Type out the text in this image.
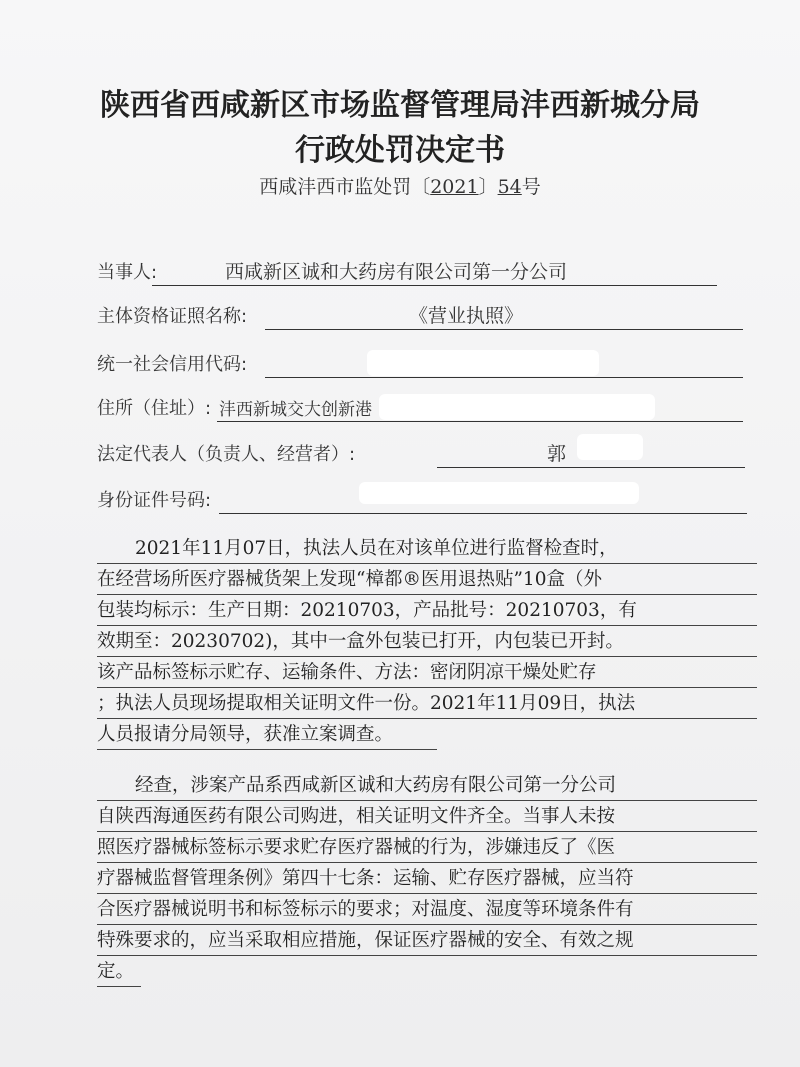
陕西省西咸新区市场监督管理局沣西新城分局
行政处罚决定书
西咸沣西市监处罚〔2021〕54号
当事人:	西咸新区诚和大药房有限公司第一分公司
主体资格证照名称:	《营业执照》
统一社会信用代码:
住所（住址）: 沣西新城交大创新港
法定代表人（负责人、经营者）:	郭
身份证件号码:
2021年11月07日，执法人员在对该单位进行监督检查时，
在经营场所医疗器械货架上发现“樟都®医用退热贴”10盒（外
包装均标示：生产日期：20210703，产品批号：20210703，有
效期至：20230702)，其中一盒外包装已打开，内包装已开封。
该产品标签标示贮存、运输条件、方法：密闭阴凉干燥处贮存
；执法人员现场提取相关证明文件一份。2021年11月09日，执法
人员报请分局领导，获准立案调查。
经查，涉案产品系西咸新区诚和大药房有限公司第一分公司
自陕西海通医药有限公司购进，相关证明文件齐全。当事人未按
照医疗器械标签标示要求贮存医疗器械的行为，涉嫌违反了《医
疗器械监督管理条例》第四十七条：运输、贮存医疗器械，应当符
合医疗器械说明书和标签标示的要求；对温度、湿度等环境条件有
特殊要求的，应当采取相应措施，保证医疗器械的安全、有效之规
定。
